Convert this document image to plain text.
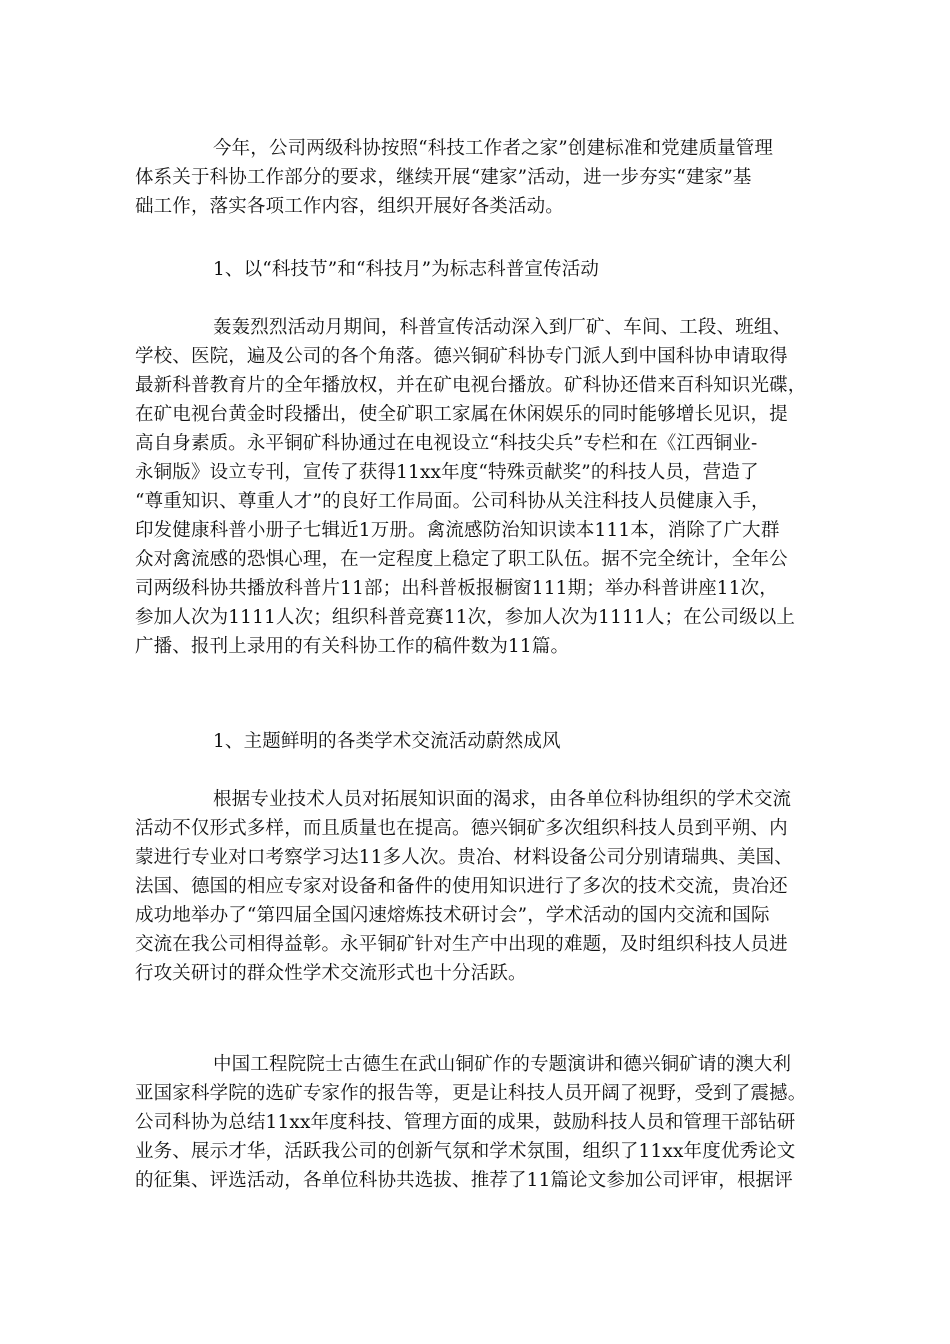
今年，公司两级科协按照“科技工作者之家”创建标准和党建质量管理
体系关于科协工作部分的要求，继续开展“建家”活动，进一步夯实“建家”基
础工作，落实各项工作内容，组织开展好各类活动。
1、以“科技节”和“科技月”为标志科普宣传活动
轰轰烈烈活动月期间，科普宣传活动深入到厂矿、车间、工段、班组、
学校、医院，遍及公司的各个角落。德兴铜矿科协专门派人到中国科协申请取得
最新科普教育片的全年播放权，并在矿电视台播放。矿科协还借来百科知识光碟，
在矿电视台黄金时段播出，使全矿职工家属在休闲娱乐的同时能够增长见识，提
高自身素质。永平铜矿科协通过在电视设立“科技尖兵”专栏和在《江西铜业-
永铜版》设立专刊，宣传了获得11xx年度“特殊贡献奖”的科技人员，营造了
“尊重知识、尊重人才”的良好工作局面。公司科协从关注科技人员健康入手，
印发健康科普小册子七辑近1万册。禽流感防治知识读本111本，消除了广大群
众对禽流感的恐惧心理，在一定程度上稳定了职工队伍。据不完全统计，全年公
司两级科协共播放科普片11部；出科普板报橱窗111期；举办科普讲座11次，
参加人次为1111人次；组织科普竞赛11次，参加人次为1111人；在公司级以上
广播、报刊上录用的有关科协工作的稿件数为11篇。
1、主题鲜明的各类学术交流活动蔚然成风
根据专业技术人员对拓展知识面的渴求，由各单位科协组织的学术交流
活动不仅形式多样，而且质量也在提高。德兴铜矿多次组织科技人员到平朔、内
蒙进行专业对口考察学习达11多人次。贵冶、材料设备公司分别请瑞典、美国、
法国、德国的相应专家对设备和备件的使用知识进行了多次的技术交流，贵冶还
成功地举办了“第四届全国闪速熔炼技术研讨会”，学术活动的国内交流和国际
交流在我公司相得益彰。永平铜矿针对生产中出现的难题，及时组织科技人员进
行攻关研讨的群众性学术交流形式也十分活跃。
中国工程院院士古德生在武山铜矿作的专题演讲和德兴铜矿请的澳大利
亚国家科学院的选矿专家作的报告等，更是让科技人员开阔了视野，受到了震撼。
公司科协为总结11xx年度科技、管理方面的成果，鼓励科技人员和管理干部钻研
业务、展示才华，活跃我公司的创新气氛和学术氛围，组织了11xx年度优秀论文
的征集、评选活动，各单位科协共选拔、推荐了11篇论文参加公司评审，根据评
